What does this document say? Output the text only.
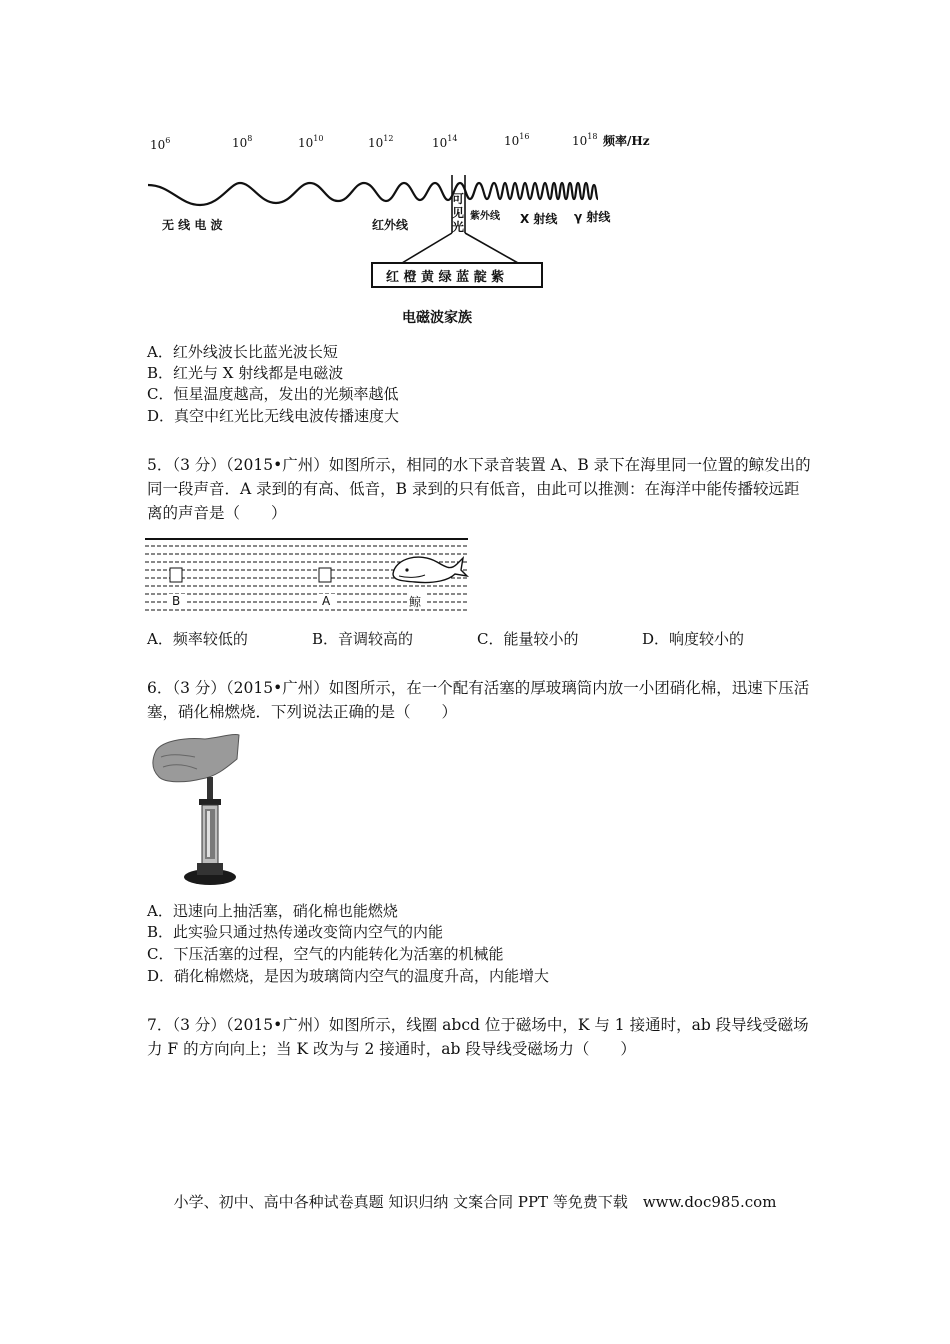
$10^6$	$10^8$	$10^{10}$	$10^{12}$	$10^{14}$	$10^{16}$	$10^{18}$ 频率/Hz
无 线 电 波	红外线
紫外线 X 射线 γ 射线
红 橙 黄 绿 蓝 靛 紫
电磁波家族
可见光
A．红外线波长比蓝光波长短
B．红光与 X 射线都是电磁波
C．恒星温度越高，发出的光频率越低
D．真空中红光比无线电波传播速度大
5．（3 分）（2015•广州）如图所示，相同的水下录音装置 A、B 录下在海里同一位置的鲸发出的同一段声音．A 录到的有高、低音，B 录到的只有低音，由此可以推测：在海洋中能传播较远距离的声音是（　　）
B	A	鲸
A．频率较低的	B．音调较高的	C．能量较小的	D．响度较小的
6．（3 分）（2015•广州）如图所示，在一个配有活塞的厚玻璃筒内放一小团硝化棉，迅速下压活塞，硝化棉燃烧．下列说法正确的是（　　）
A．迅速向上抽活塞，硝化棉也能燃烧
B．此实验只通过热传递改变筒内空气的内能
C．下压活塞的过程，空气的内能转化为活塞的机械能
D．硝化棉燃烧，是因为玻璃筒内空气的温度升高，内能增大
7．（3 分）（2015•广州）如图所示，线圈 abcd 位于磁场中，K 与 1 接通时，ab 段导线受磁场力 F 的方向向上；当 K 改为与 2 接通时，ab 段导线受磁场力（　　）
小学、初中、高中各种试卷真题 知识归纳 文案合同 PPT 等免费下载　www.doc985.com
